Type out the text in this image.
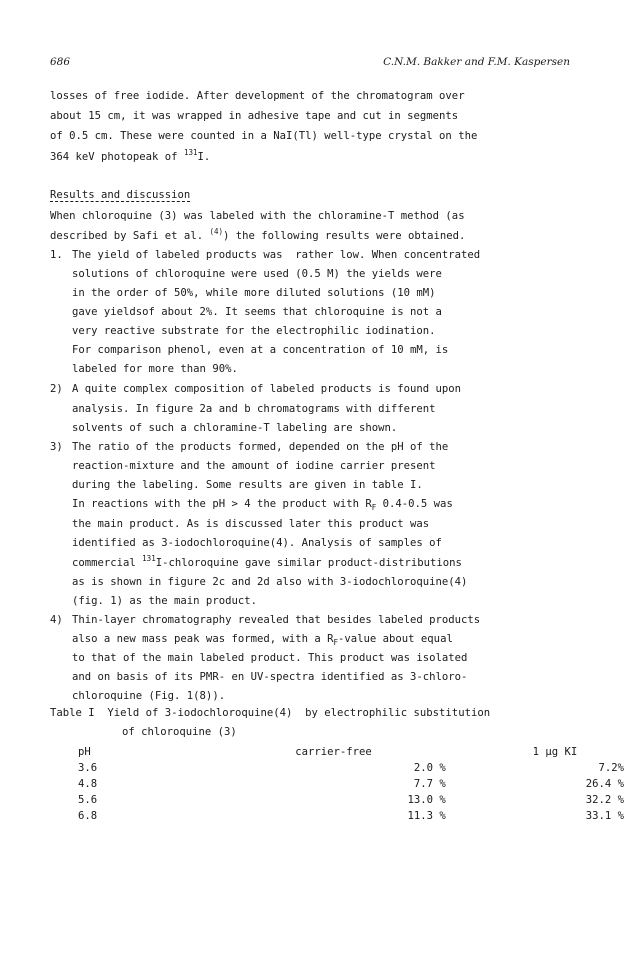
686	C.N.M. Bakker and F.M. Kaspersen
losses of free iodide. After development of the chromatogram over
about 15 cm, it was wrapped in adhesive tape and cut in segments
of 0.5 cm. These were counted in a NaI(Tl) well-type crystal on the
364 keV photopeak of $^{131}$I.
Results and discussion
When chloroquine (3) was labeled with the chloramine-T method (as
described by Safi et al. $^{(4)}$) the following results were obtained.
1. The yield of labeled products was  rather low. When concentrated
solutions of chloroquine were used (0.5 M) the yields were
in the order of 50%, while more diluted solutions (10 mM)
gave yieldsof about 2%. It seems that chloroquine is not a
very reactive substrate for the electrophilic iodination.
For comparison phenol, even at a concentration of 10 mM, is
labeled for more than 90%.
2) A quite complex composition of labeled products is found upon
analysis. In figure 2a and b chromatograms with different
solvents of such a chloramine-T labeling are shown.
3) The ratio of the products formed, depended on the pH of the
reaction-mixture and the amount of iodine carrier present
during the labeling. Some results are given in table I.
In reactions with the pH > 4 the product with $R_F$ 0.4-0.5 was
the main product. As is discussed later this product was
identified as 3-iodochloroquine(4). Analysis of samples of
commercial $^{131}$I-chloroquine gave similar product-distributions
as is shown in figure 2c and 2d also with 3-iodochloroquine(4)
(fig. 1) as the main product.
4) Thin-layer chromatography revealed that besides labeled products
also a new mass peak was formed, with a $R_F$-value about equal
to that of the main labeled product. This product was isolated
and on basis of its PMR- en UV-spectra identified as 3-chloro-
chloroquine (Fig. 1(8)).
Table I  Yield of 3-iodochloroquine(4)  by electrophilic substitution
of chloroquine (3)
pH	carrier-free	1 µg KI
3.6	2.0 %	7.2%
4.8	7.7 %	26.4 %
5.6	13.0 %	32.2 %
6.8	11.3 %	33.1 %
